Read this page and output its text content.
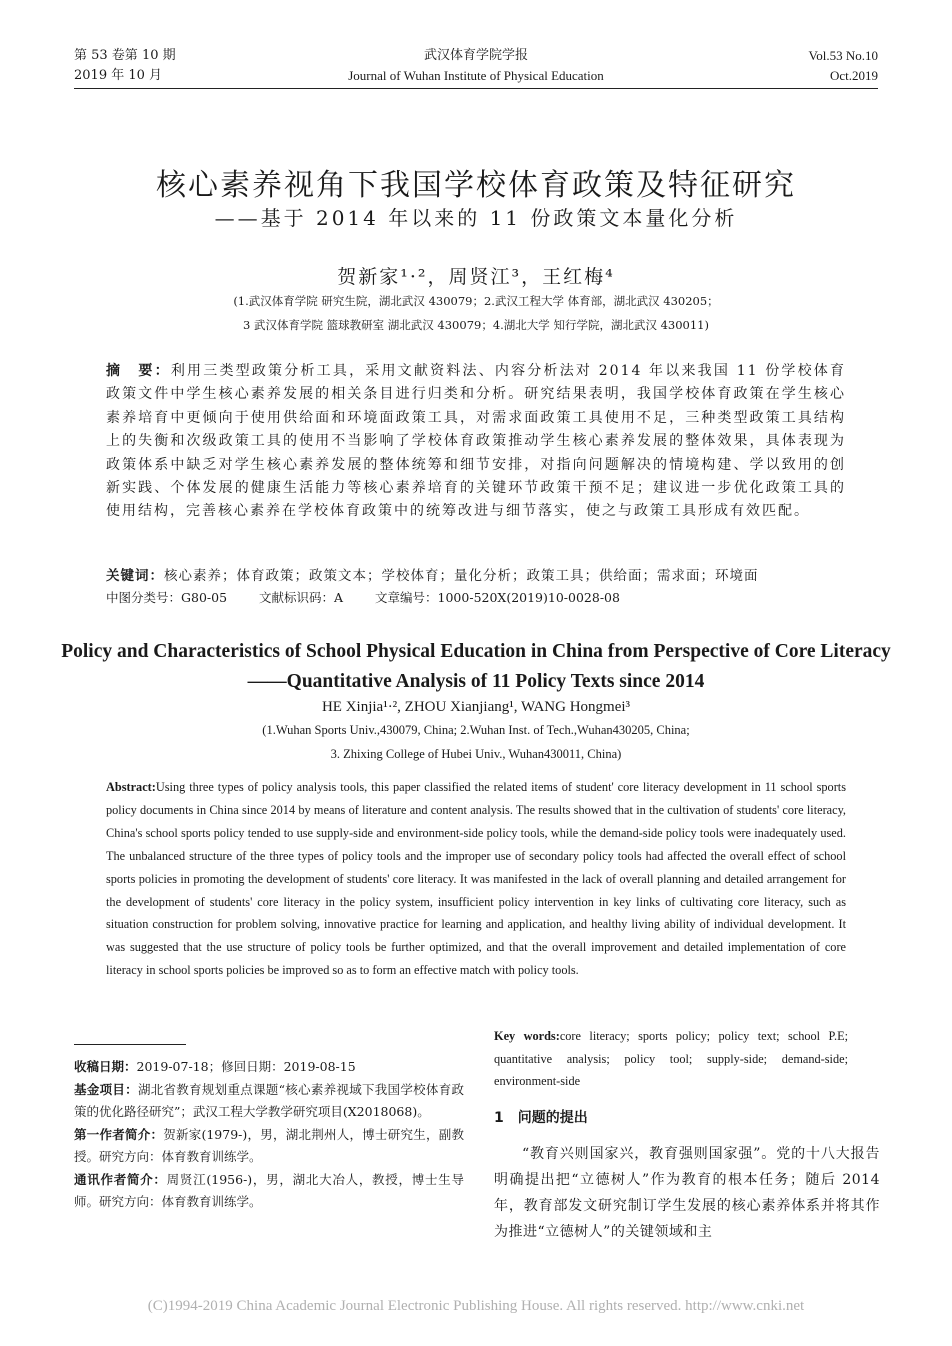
第 53 卷第 10 期
2019 年 10 月
武汉体育学院学报
Journal of Wuhan Institute of Physical Education
Vol.53 No.10
Oct.2019
核心素养视角下我国学校体育政策及特征研究
——基于 2014 年以来的 11 份政策文本量化分析
贺新家¹·²，周贤江³，王红梅⁴
(1.武汉体育学院 研究生院，湖北武汉 430079；2.武汉工程大学 体育部，湖北武汉 430205；
3 武汉体育学院 篮球教研室 湖北武汉 430079；4.湖北大学 知行学院，湖北武汉 430011)
摘　要：利用三类型政策分析工具，采用文献资料法、内容分析法对 2014 年以来我国 11 份学校体育政策文件中学生核心素养发展的相关条目进行归类和分析。研究结果表明，我国学校体育政策在学生核心素养培育中更倾向于使用供给面和环境面政策工具，对需求面政策工具使用不足，三种类型政策工具结构上的失衡和次级政策工具的使用不当影响了学校体育政策推动学生核心素养发展的整体效果，具体表现为政策体系中缺乏对学生核心素养发展的整体统筹和细节安排，对指向问题解决的情境构建、学以致用的创新实践、个体发展的健康生活能力等核心素养培育的关键环节政策干预不足；建议进一步优化政策工具的使用结构，完善核心素养在学校体育政策中的统筹改进与细节落实，使之与政策工具形成有效匹配。
关键词：核心素养；体育政策；政策文本；学校体育；量化分析；政策工具；供给面；需求面；环境面
中图分类号：G80-05	文献标识码：A	文章编号：1000-520X(2019)10-0028-08
Policy and Characteristics of School Physical Education in China from Perspective of Core Literacy——Quantitative Analysis of 11 Policy Texts since 2014
HE Xinjia¹·², ZHOU Xianjiang¹, WANG Hongmei³
(1.Wuhan Sports Univ.,430079, China; 2.Wuhan Inst. of Tech.,Wuhan430205, China;
3. Zhixing College of Hubei Univ., Wuhan430011, China)
Abstract:Using three types of policy analysis tools, this paper classified the related items of student' core literacy development in 11 school sports policy documents in China since 2014 by means of literature and content analysis. The results showed that in the cultivation of students' core literacy, China's school sports policy tended to use supply-side and environment-side policy tools, while the demand-side policy tools were inadequately used. The unbalanced structure of the three types of policy tools and the improper use of secondary policy tools had affected the overall effect of school sports policies in promoting the development of students' core literacy. It was manifested in the lack of overall planning and detailed arrangement for the development of students' core literacy in the policy system, insufficient policy intervention in key links of cultivating core literacy, such as situation construction for problem solving, innovative practice for learning and application, and healthy living ability of individual development. It was suggested that the use structure of policy tools be further optimized, and that the overall improvement and detailed implementation of core literacy in school sports policies be improved so as to form an effective match with policy tools.

收稿日期：2019-07-18；修回日期：2019-08-15

基金项目：湖北省教育规划重点课题“核心素养视域下我国学校体育政策的优化路径研究”；武汉工程大学教学研究项目(X2018068)。

第一作者简介：贺新家(1979-)，男，湖北荆州人，博士研究生，副教授。研究方向：体育教育训练学。

通讯作者简介：周贤江(1956-)，男，湖北大冶人，教授，博士生导师。研究方向：体育教育训练学。

Key words:core literacy; sports policy; policy text; school P.E; quantitative analysis; policy tool; supply-side; demand-side; environment-side
1　问题的提出

“教育兴则国家兴，教育强则国家强”。党的十八大报告明确提出把“立德树人”作为教育的根本任务；随后 2014 年，教育部发文研究制订学生发展的核心素养体系并将其作为推进“立德树人”的关键领域和主

(C)1994-2019 China Academic Journal Electronic Publishing House. All rights reserved. http://www.cnki.net
